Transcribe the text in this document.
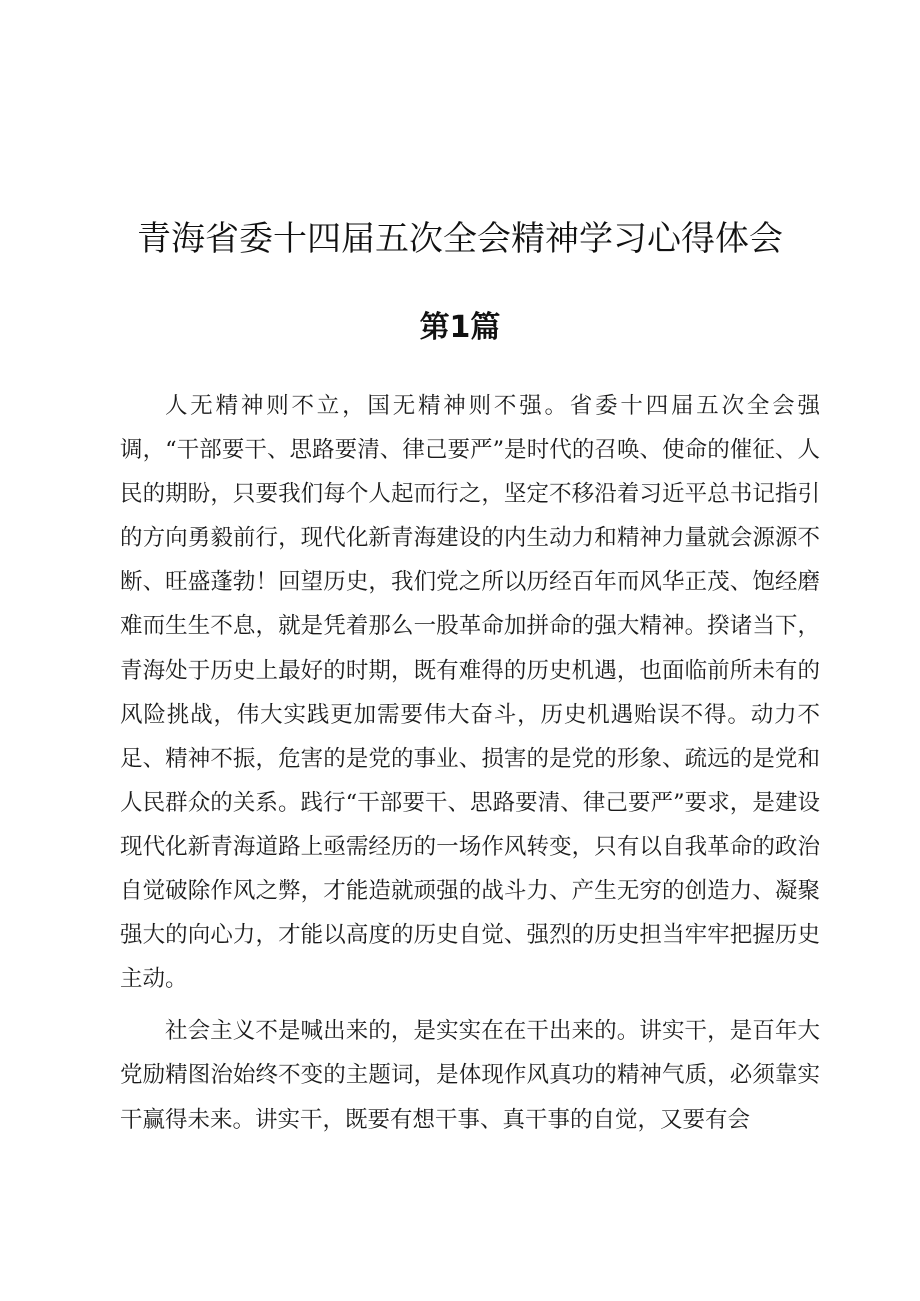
青海省委十四届五次全会精神学习心得体会
第1篇

人无精神则不立，国无精神则不强。省委十四届五次全会强调，“干部要干、思路要清、律己要严”是时代的召唤、使命的催征、人民的期盼，只要我们每个人起而行之，坚定不移沿着习近平总书记指引的方向勇毅前行，现代化新青海建设的内生动力和精神力量就会源源不断、旺盛蓬勃！回望历史，我们党之所以历经百年而风华正茂、饱经磨难而生生不息，就是凭着那么一股革命加拼命的强大精神。揆诸当下，青海处于历史上最好的时期，既有难得的历史机遇，也面临前所未有的风险挑战，伟大实践更加需要伟大奋斗，历史机遇贻误不得。动力不足、精神不振，危害的是党的事业、损害的是党的形象、疏远的是党和人民群众的关系。践行“干部要干、思路要清、律己要严”要求，是建设现代化新青海道路上亟需经历的一场作风转变，只有以自我革命的政治自觉破除作风之弊，才能造就顽强的战斗力、产生无穷的创造力、凝聚强大的向心力，才能以高度的历史自觉、强烈的历史担当牢牢把握历史主动。

社会主义不是喊出来的，是实实在在干出来的。讲实干，是百年大党励精图治始终不变的主题词，是体现作风真功的精神气质，必须靠实干赢得未来。讲实干，既要有想干事、真干事的自觉，又要有会
